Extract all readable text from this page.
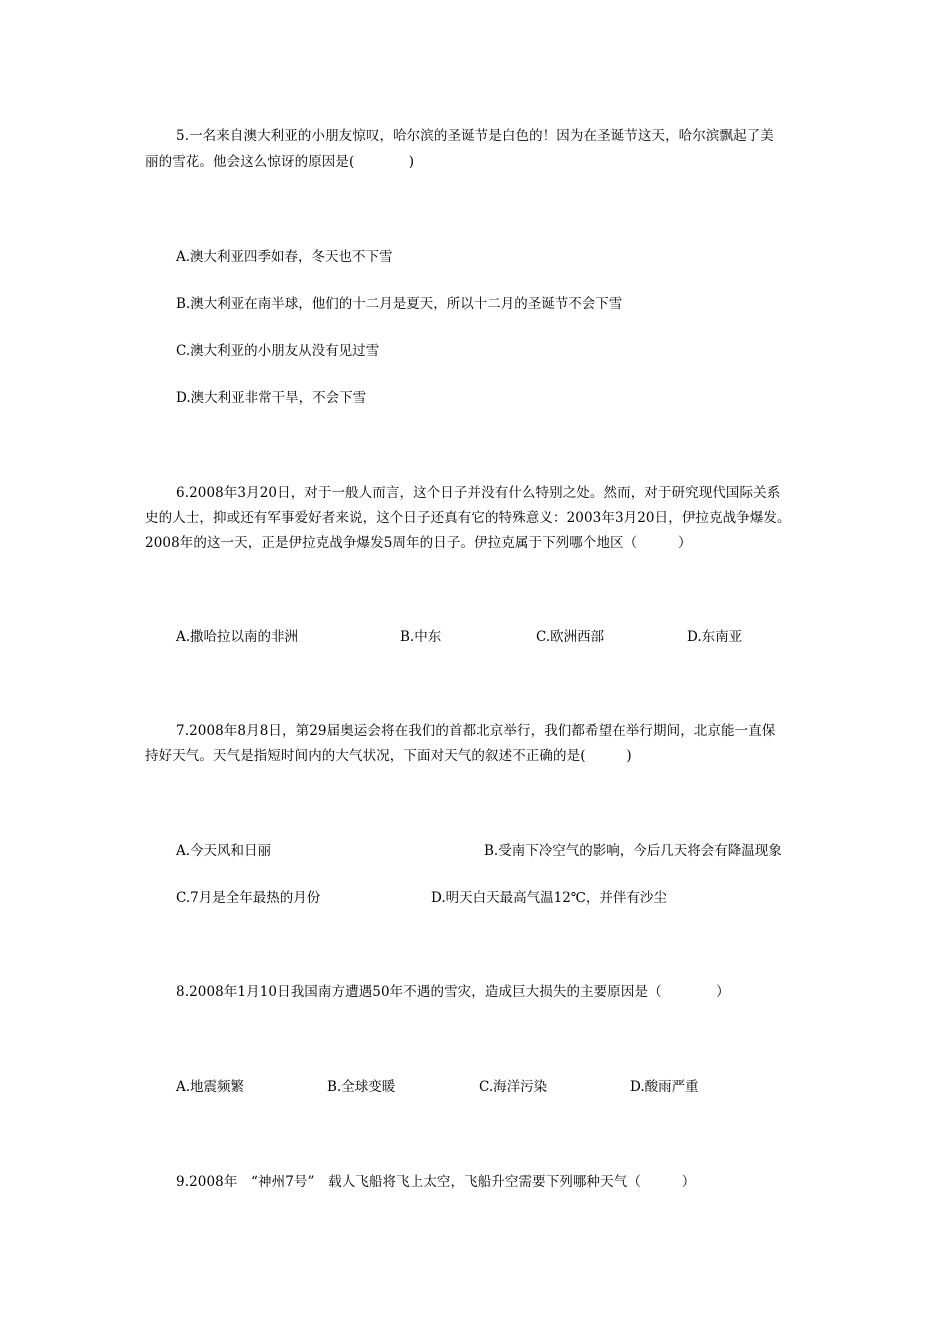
5.一名来自澳大利亚的小朋友惊叹，哈尔滨的圣诞节是白色的！因为在圣诞节这天，哈尔滨飘起了美
丽的雪花。他会这么惊讶的原因是(　　　　)
A.澳大利亚四季如春，冬天也不下雪
B.澳大利亚在南半球，他们的十二月是夏天，所以十二月的圣诞节不会下雪
C.澳大利亚的小朋友从没有见过雪
D.澳大利亚非常干旱，不会下雪
6.2008年3月20日，对于一般人而言，这个日子并没有什么特别之处。然而，对于研究现代国际关系
史的人士，抑或还有军事爱好者来说，这个日子还真有它的特殊意义：2003年3月20日，伊拉克战争爆发。
2008年的这一天，正是伊拉克战争爆发5周年的日子。伊拉克属于下列哪个地区（　　　）
A.撒哈拉以南的非洲	B.中东	C.欧洲西部	D.东南亚
7.2008年8月8日，第29届奥运会将在我们的首都北京举行，我们都希望在举行期间，北京能一直保
持好天气。天气是指短时间内的大气状况，下面对天气的叙述不正确的是(　　　)
A.今天风和日丽	B.受南下冷空气的影响，今后几天将会有降温现象
C.7月是全年最热的月份	D.明天白天最高气温12℃，并伴有沙尘
8.2008年1月10日我国南方遭遇50年不遇的雪灾，造成巨大损失的主要原因是（　　　　）
A.地震频繁	B.全球变暖	C.海洋污染	D.酸雨严重
9.2008年　“神州7号”　载人飞船将飞上太空，飞船升空需要下列哪种天气（　　　）
